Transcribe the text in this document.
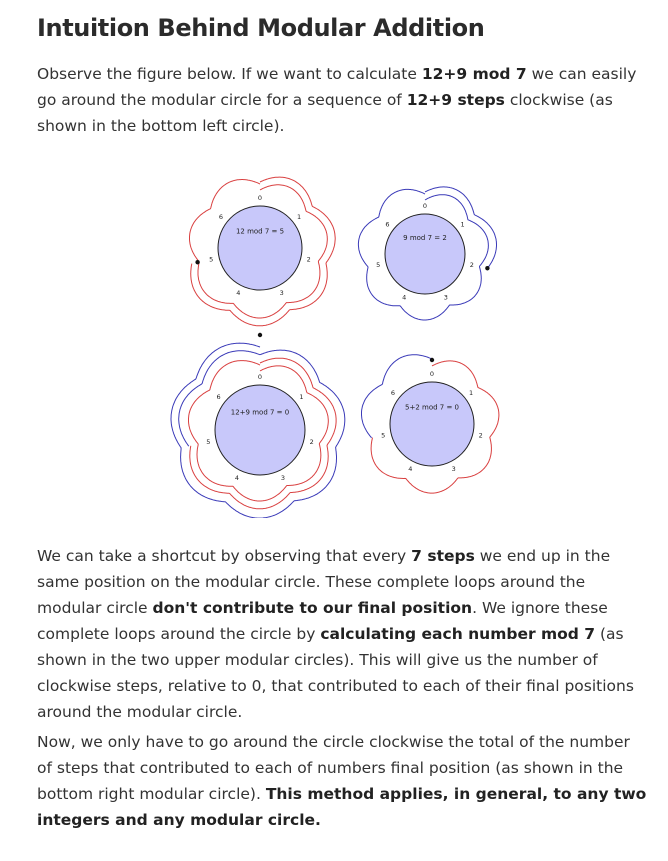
Intuition Behind Modular Addition

Observe the figure below. If we want to calculate 12+9 mod 7 we can easily go around the modular circle for a sequence of 12+9 steps clockwise (as shown in the bottom left circle).

0
1
2
3
4
5
6
12 mod 7 = 5
0
1
2
3
4
5
6
9 mod 7 = 2
0
1
2
3
4
5
6
12+9 mod 7 = 0
0
1
2
3
4
5
6
5+2 mod 7 = 0

We can take a shortcut by observing that every 7 steps we end up in the same position on the modular circle. These complete loops around the modular circle don't contribute to our final position. We ignore these complete loops around the circle by calculating each number mod 7 (as shown in the two upper modular circles). This will give us the number of clockwise steps, relative to 0, that contributed to each of their final positions around the modular circle.

Now, we only have to go around the circle clockwise the total of the number of steps that contributed to each of numbers final position (as shown in the bottom right modular circle). This method applies, in general, to any two integers and any modular circle.
